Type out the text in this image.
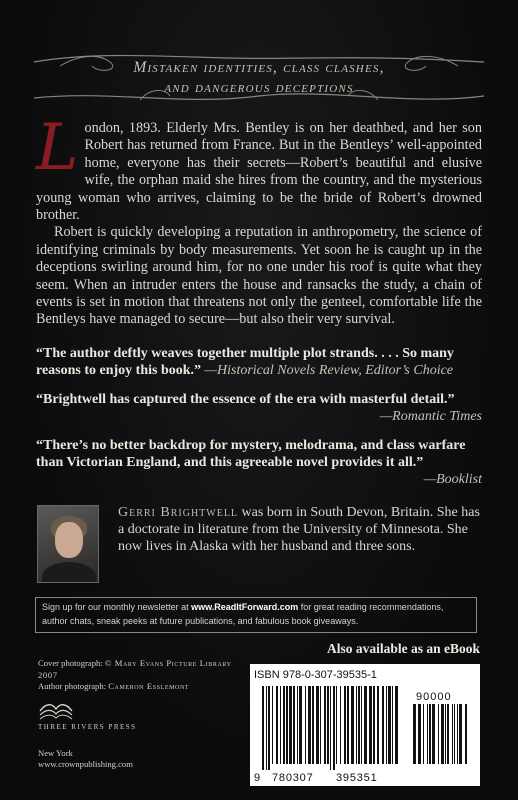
Mistaken identities, class clashes,
and dangerous deceptions

London, 1893. Elderly Mrs. Bentley is on her deathbed, and her son Robert has returned from France. But in the Bentleys’ well-appointed home, everyone has their secrets—Robert’s beautiful and elusive wife, the orphan maid she hires from the country, and the mysterious young woman who arrives, claiming to be the bride of Robert’s drowned brother.

Robert is quickly developing a reputation in anthropometry, the science of identifying criminals by body measurements. Yet soon he is caught up in the deceptions swirling around him, for no one under his roof is quite what they seem. When an intruder enters the house and ransacks the study, a chain of events is set in motion that threatens not only the genteel, comfortable life the Bentleys have managed to secure—but also their very survival.

“The author deftly weaves together multiple plot strands. . . . So many reasons to enjoy this book.” —Historical Novels Review, Editor’s Choice
“Brightwell has captured the essence of the era with masterful detail.”
—Romantic Times
“There’s no better backdrop for mystery, melodrama, and class warfare than Victorian England, and this agreeable novel provides it all.”
—Booklist
Gerri Brightwell was born in South Devon, Britain. She has a doctorate in literature from the University of Minnesota. She now lives in Alaska with her husband and three sons.
Sign up for our monthly newsletter at www.ReadItForward.com for great reading recommendations, author chats, sneak peeks at future publications, and fabulous book giveaways.
Also available as an eBook
Cover photograph: © Mary Evans Picture Library 2007
Author photograph: Cameron Esslemont
THREE RIVERS PRESS
New York
www.crownpublishing.com
ISBN 978-0-307-39535-1
90000
9 780307 395351
